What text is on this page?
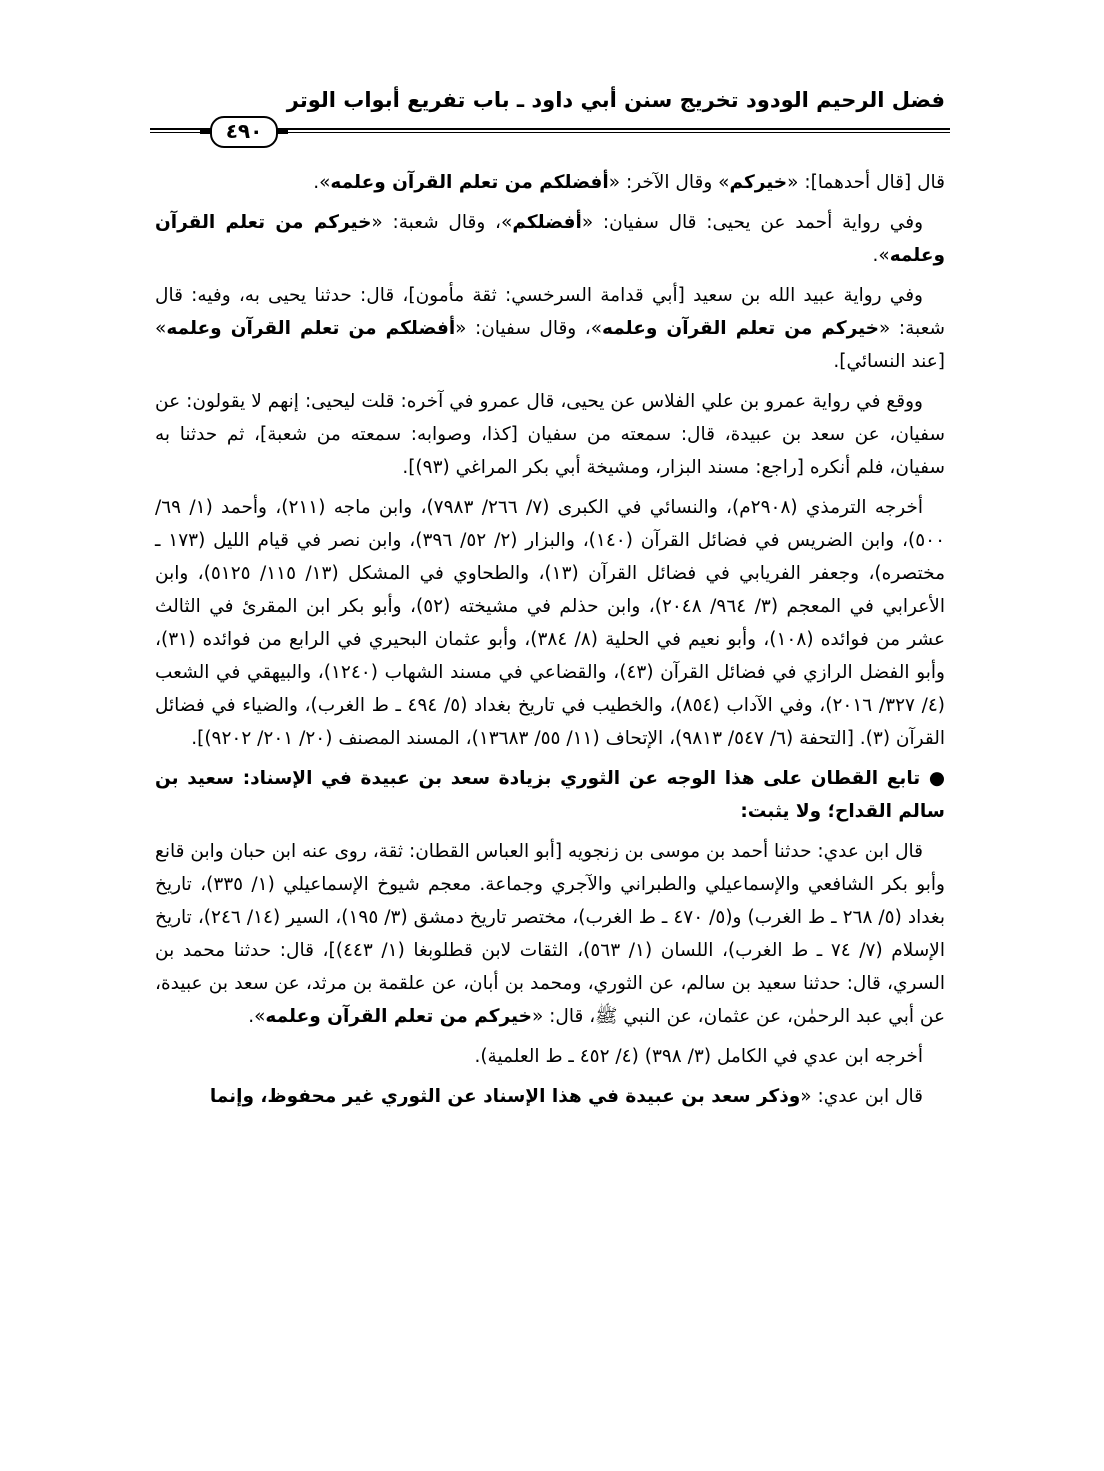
فضل الرحيم الودود تخريج سنن أبي داود ـ باب تفريع أبواب الوتر
٤٩٠

قال [قال أحدهما]: «خيركم» وقال الآخر: «أفضلكم من تعلم القرآن وعلمه».

وفي رواية أحمد عن يحيى: قال سفيان: «أفضلكم»، وقال شعبة: «خيركم من تعلم القرآن وعلمه».

وفي رواية عبيد الله بن سعيد [أبي قدامة السرخسي: ثقة مأمون]، قال: حدثنا يحيى به، وفيه: قال شعبة: «خيركم من تعلم القرآن وعلمه»، وقال سفيان: «أفضلكم من تعلم القرآن وعلمه» [عند النسائي].

ووقع في رواية عمرو بن علي الفلاس عن يحيى، قال عمرو في آخره: قلت ليحيى: إنهم لا يقولون: عن سفيان، عن سعد بن عبيدة، قال: سمعته من سفيان [كذا، وصوابه: سمعته من شعبة]، ثم حدثنا به سفيان، فلم أنكره [راجع: مسند البزار، ومشيخة أبي بكر المراغي (٩٣)].

أخرجه الترمذي (٢٩٠٨م)، والنسائي في الكبرى (٧/ ٢٦٦/ ٧٩٨٣)، وابن ماجه (٢١١)، وأحمد (١/ ٦٩/ ٥٠٠)، وابن الضريس في فضائل القرآن (١٤٠)، والبزار (٢/ ٥٢/ ٣٩٦)، وابن نصر في قيام الليل (١٧٣ ـ مختصره)، وجعفر الفريابي في فضائل القرآن (١٣)، والطحاوي في المشكل (١٣/ ١١٥/ ٥١٢٥)، وابن الأعرابي في المعجم (٣/ ٩٦٤/ ٢٠٤٨)، وابن حذلم في مشيخته (٥٢)، وأبو بكر ابن المقرئ في الثالث عشر من فوائده (١٠٨)، وأبو نعيم في الحلية (٨/ ٣٨٤)، وأبو عثمان البحيري في الرابع من فوائده (٣١)، وأبو الفضل الرازي في فضائل القرآن (٤٣)، والقضاعي في مسند الشهاب (١٢٤٠)، والبيهقي في الشعب (٤/ ٣٢٧/ ٢٠١٦)، وفي الآداب (٨٥٤)، والخطيب في تاريخ بغداد (٥/ ٤٩٤ ـ ط الغرب)، والضياء في فضائل القرآن (٣). [التحفة (٦/ ٥٤٧/ ٩٨١٣)، الإتحاف (١١/ ٥٥/ ١٣٦٨٣)، المسند المصنف (٢٠/ ٢٠١/ ٩٢٠٢)].

● تابع القطان على هذا الوجه عن الثوري بزيادة سعد بن عبيدة في الإسناد: سعيد بن سالم القداح؛ ولا يثبت:

قال ابن عدي: حدثنا أحمد بن موسى بن زنجويه [أبو العباس القطان: ثقة، روى عنه ابن حبان وابن قانع وأبو بكر الشافعي والإسماعيلي والطبراني والآجري وجماعة. معجم شيوخ الإسماعيلي (١/ ٣٣٥)، تاريخ بغداد (٥/ ٢٦٨ ـ ط الغرب) و(٥/ ٤٧٠ ـ ط الغرب)، مختصر تاريخ دمشق (٣/ ١٩٥)، السير (١٤/ ٢٤٦)، تاريخ الإسلام (٧/ ٧٤ ـ ط الغرب)، اللسان (١/ ٥٦٣)، الثقات لابن قطلوبغا (١/ ٤٤٣)]، قال: حدثنا محمد بن السري، قال: حدثنا سعيد بن سالم، عن الثوري، ومحمد بن أبان، عن علقمة بن مرثد، عن سعد بن عبيدة، عن أبي عبد الرحمٰن، عن عثمان، عن النبي ﷺ، قال: «خيركم من تعلم القرآن وعلمه».

أخرجه ابن عدي في الكامل (٣/ ٣٩٨) (٤/ ٤٥٢ ـ ط العلمية).

قال ابن عدي: «وذكر سعد بن عبيدة في هذا الإسناد عن الثوري غير محفوظ، وإنما
